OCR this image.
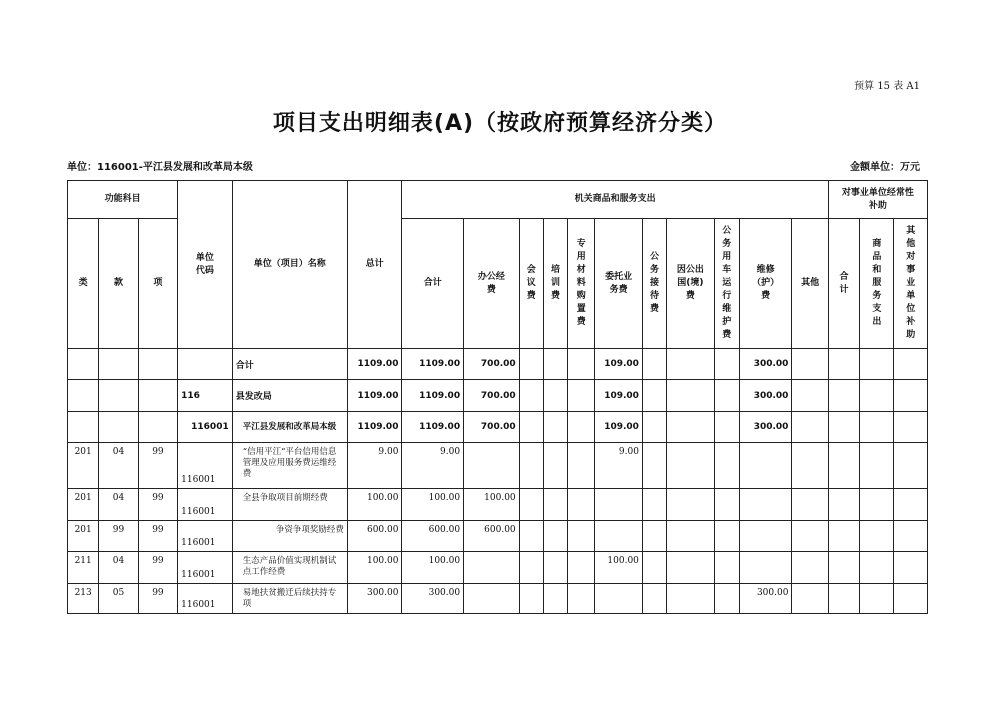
预算 15 表 A1
项目支出明细表(A)（按政府预算经济分类）
单位：116001-平江县发展和改革局本级	金额单位：万元
功能科目			单位代码	单位（项目）名称	总计	机关商品和服务支出											对事业单位经常性补助		

类	款	项				合计	办公经费	会议费	培训费	专用材料购置费	委托业务费	公务接待费	因公出国(境)费	公务用车运行维护费	维修（护）费	其他	合计	商品和服务支出	其他对事业单位补助

				合计	1109.00	1109.00	700.00				109.00				300.00				
			116	县发改局	1109.00	1109.00	700.00				109.00				300.00				
			116001	平江县发展和改革局本级	1109.00	1109.00	700.00				109.00				300.00				
201	04	99	116001	“信用平江“平台信用信息管理及应用服务费运维经费	9.00	9.00					9.00								
201	04	99	116001	全县争取项目前期经费	100.00	100.00	100.00												
201	99	99	116001	争资争项奖励经费	600.00	600.00	600.00												
211	04	99	116001	生态产品价值实现机制试点工作经费	100.00	100.00					100.00								
213	05	99	116001	易地扶贫搬迁后续扶持专项	300.00	300.00									300.00				
